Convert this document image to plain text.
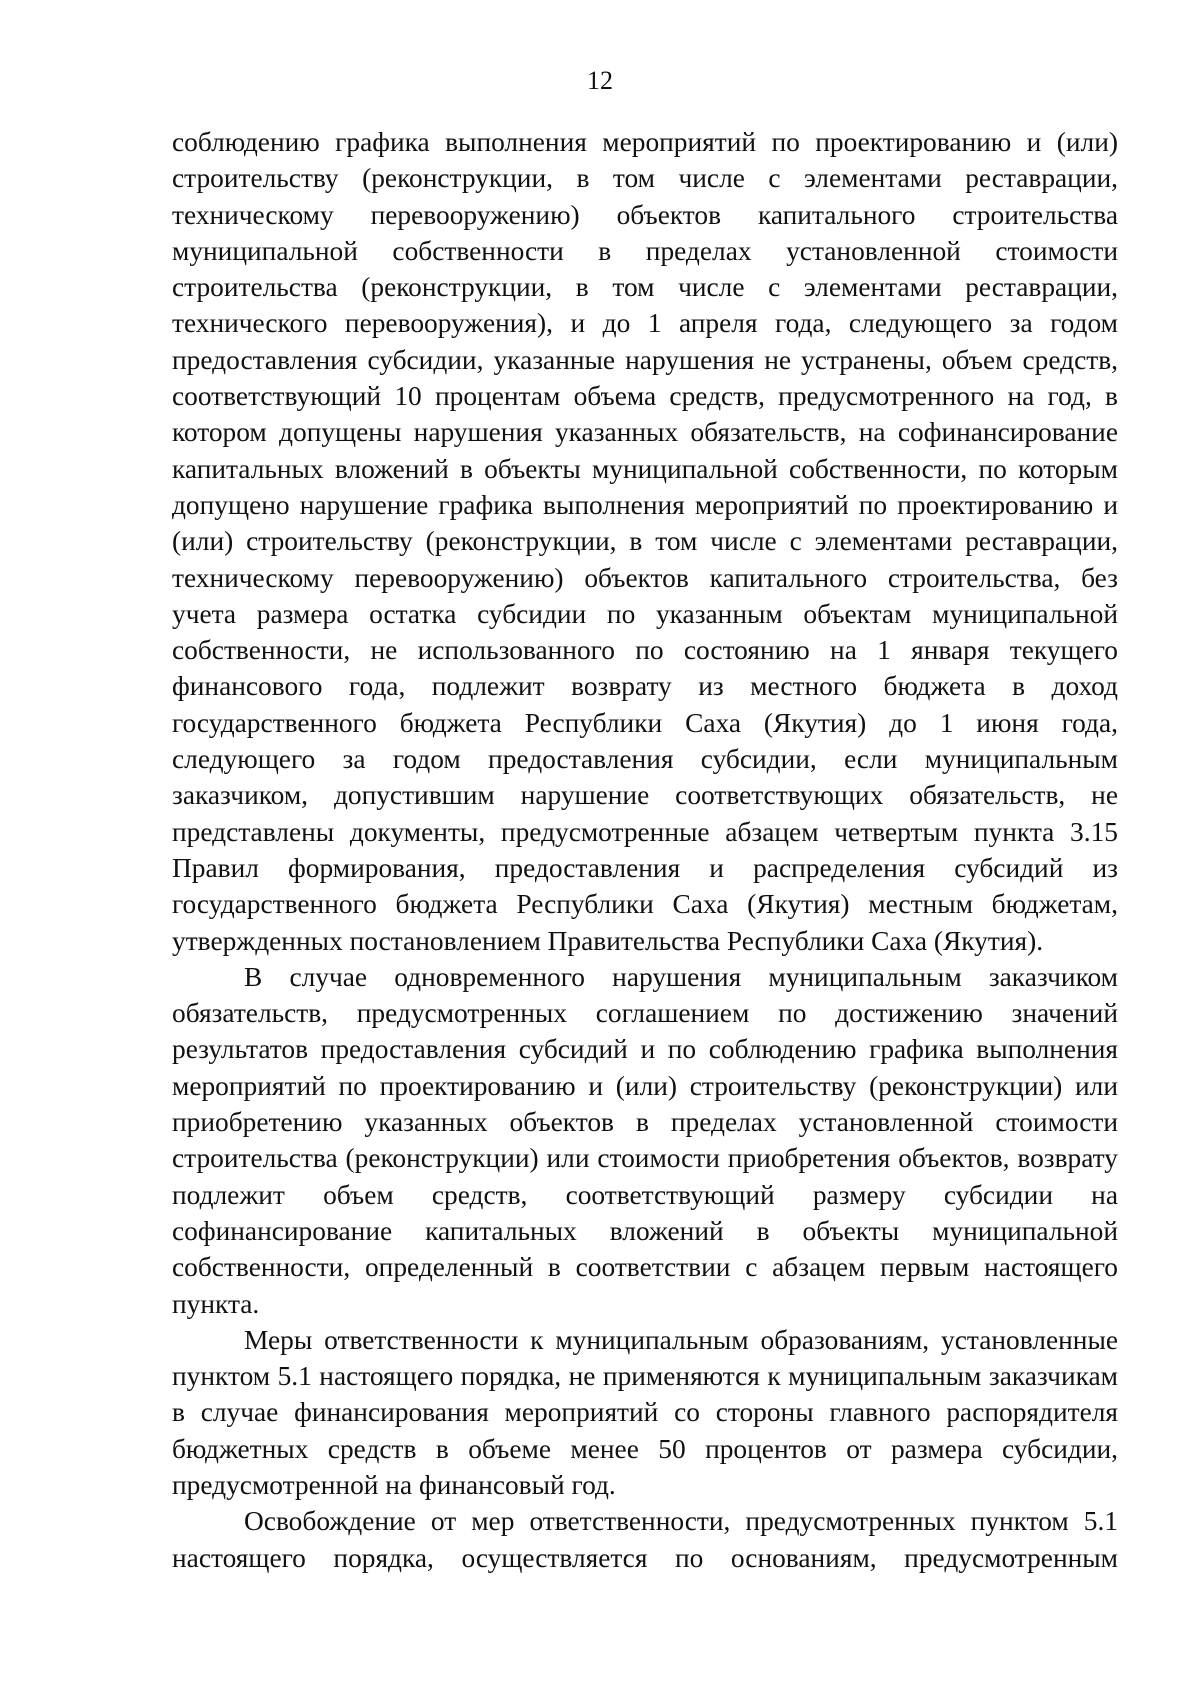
12

соблюдению графика выполнения мероприятий по проектированию и (или) строительству (реконструкции, в том числе с элементами реставрации, техническому перевооружению) объектов капитального строительства муниципальной собственности в пределах установленной стоимости строительства (реконструкции, в том числе с элементами реставрации, технического перевооружения), и до 1 апреля года, следующего за годом предоставления субсидии, указанные нарушения не устранены, объем средств, соответствующий 10 процентам объема средств, предусмотренного на год, в котором допущены нарушения указанных обязательств, на софинансирование капитальных вложений в объекты муниципальной собственности, по которым допущено нарушение графика выполнения мероприятий по проектированию и (или) строительству (реконструкции, в том числе с элементами реставрации, техническому перевооружению) объектов капитального строительства, без учета размера остатка субсидии по указанным объектам муниципальной собственности, не использованного по состоянию на 1 января текущего финансового года, подлежит возврату из местного бюджета в доход государственного бюджета Республики Саха (Якутия) до 1 июня года, следующего за годом предоставления субсидии, если муниципальным заказчиком, допустившим нарушение соответствующих обязательств, не представлены документы, предусмотренные абзацем четвертым пункта 3.15 Правил формирования, предоставления и распределения субсидий из государственного бюджета Республики Саха (Якутия) местным бюджетам, утвержденных постановлением Правительства Республики Саха (Якутия).

В случае одновременного нарушения муниципальным заказчиком обязательств, предусмотренных соглашением по достижению значений результатов предоставления субсидий и по соблюдению графика выполнения мероприятий по проектированию и (или) строительству (реконструкции) или приобретению указанных объектов в пределах установленной стоимости строительства (реконструкции) или стоимости приобретения объектов, возврату подлежит объем средств, соответствующий размеру субсидии на софинансирование капитальных вложений в объекты муниципальной собственности, определенный в соответствии с абзацем первым настоящего пункта.

Меры ответственности к муниципальным образованиям, установленные пунктом 5.1 настоящего порядка, не применяются к муниципальным заказчикам в случае финансирования мероприятий со стороны главного распорядителя бюджетных средств в объеме менее 50 процентов от размера субсидии, предусмотренной на финансовый год.

Освобождение от мер ответственности, предусмотренных пунктом 5.1 настоящего порядка, осуществляется по основаниям, предусмотренным
